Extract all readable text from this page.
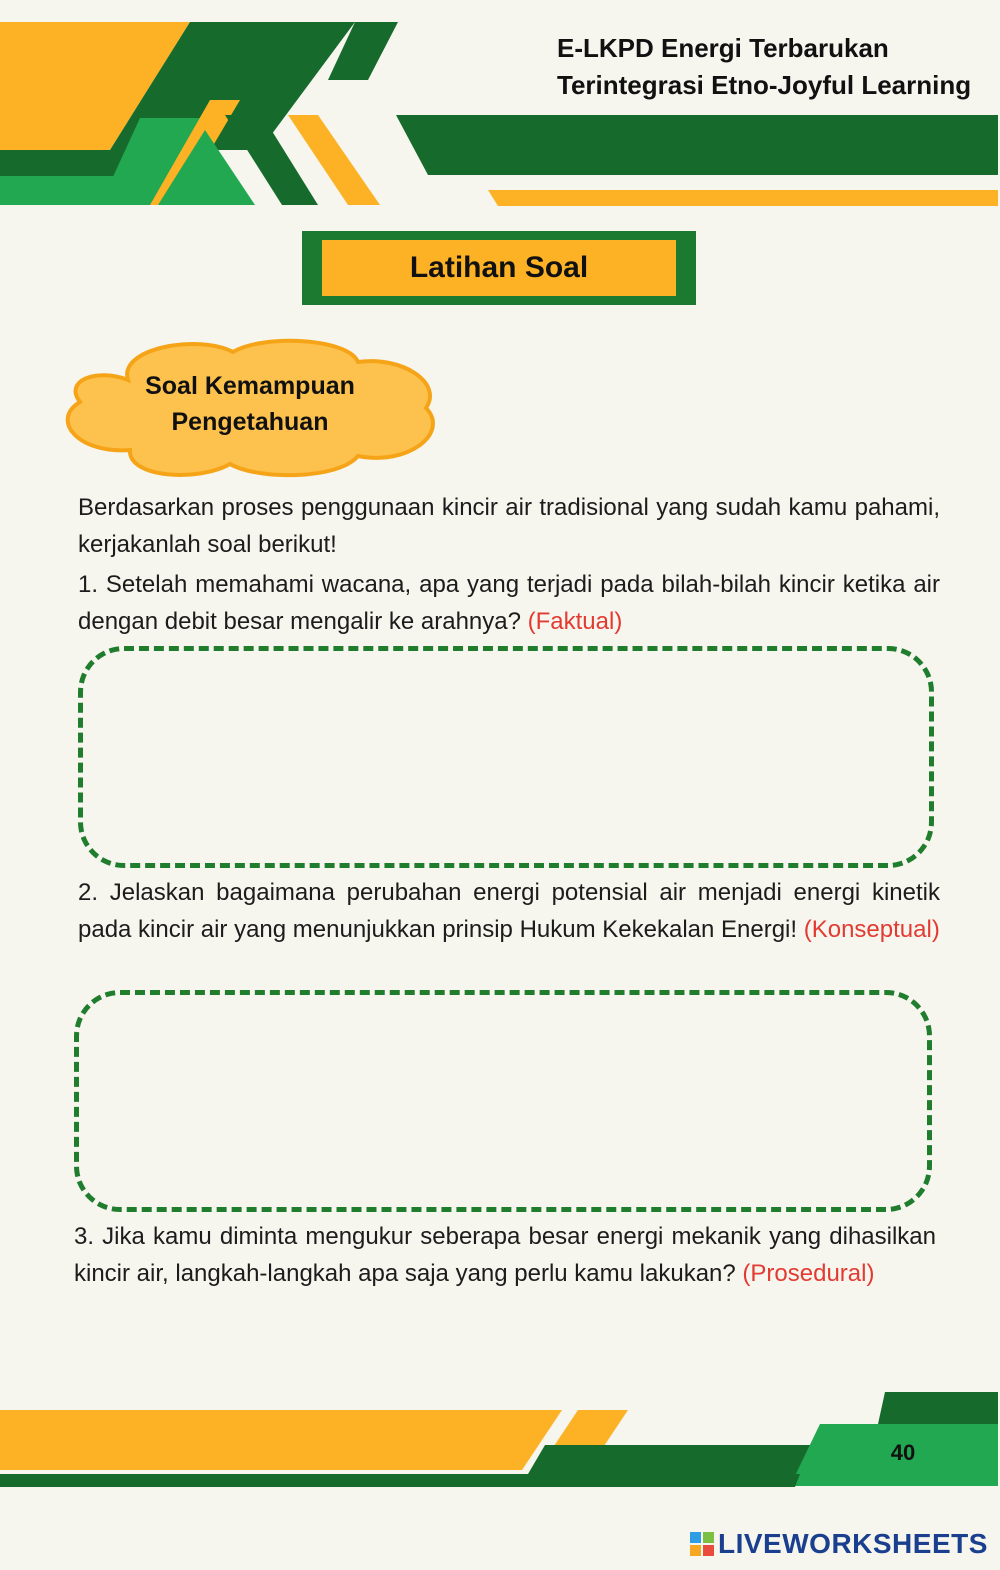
E-LKPD Energi Terbarukan
Terintegrasi Etno-Joyful Learning
Latihan Soal
Soal Kemampuan
Pengetahuan

Berdasarkan proses penggunaan kincir air tradisional yang sudah kamu pahami, kerjakanlah soal berikut!

1. Setelah memahami wacana, apa yang terjadi pada bilah-bilah kincir ketika air dengan debit besar mengalir ke arahnya? (Faktual)

2. Jelaskan bagaimana perubahan energi potensial air menjadi energi kinetik pada kincir air yang menunjukkan prinsip Hukum Kekekalan Energi! (Konseptual)

3. Jika kamu diminta mengukur seberapa besar energi mekanik yang dihasilkan kincir air, langkah-langkah apa saja yang perlu kamu lakukan? (Prosedural)

40
LIVEWORKSHEETS
